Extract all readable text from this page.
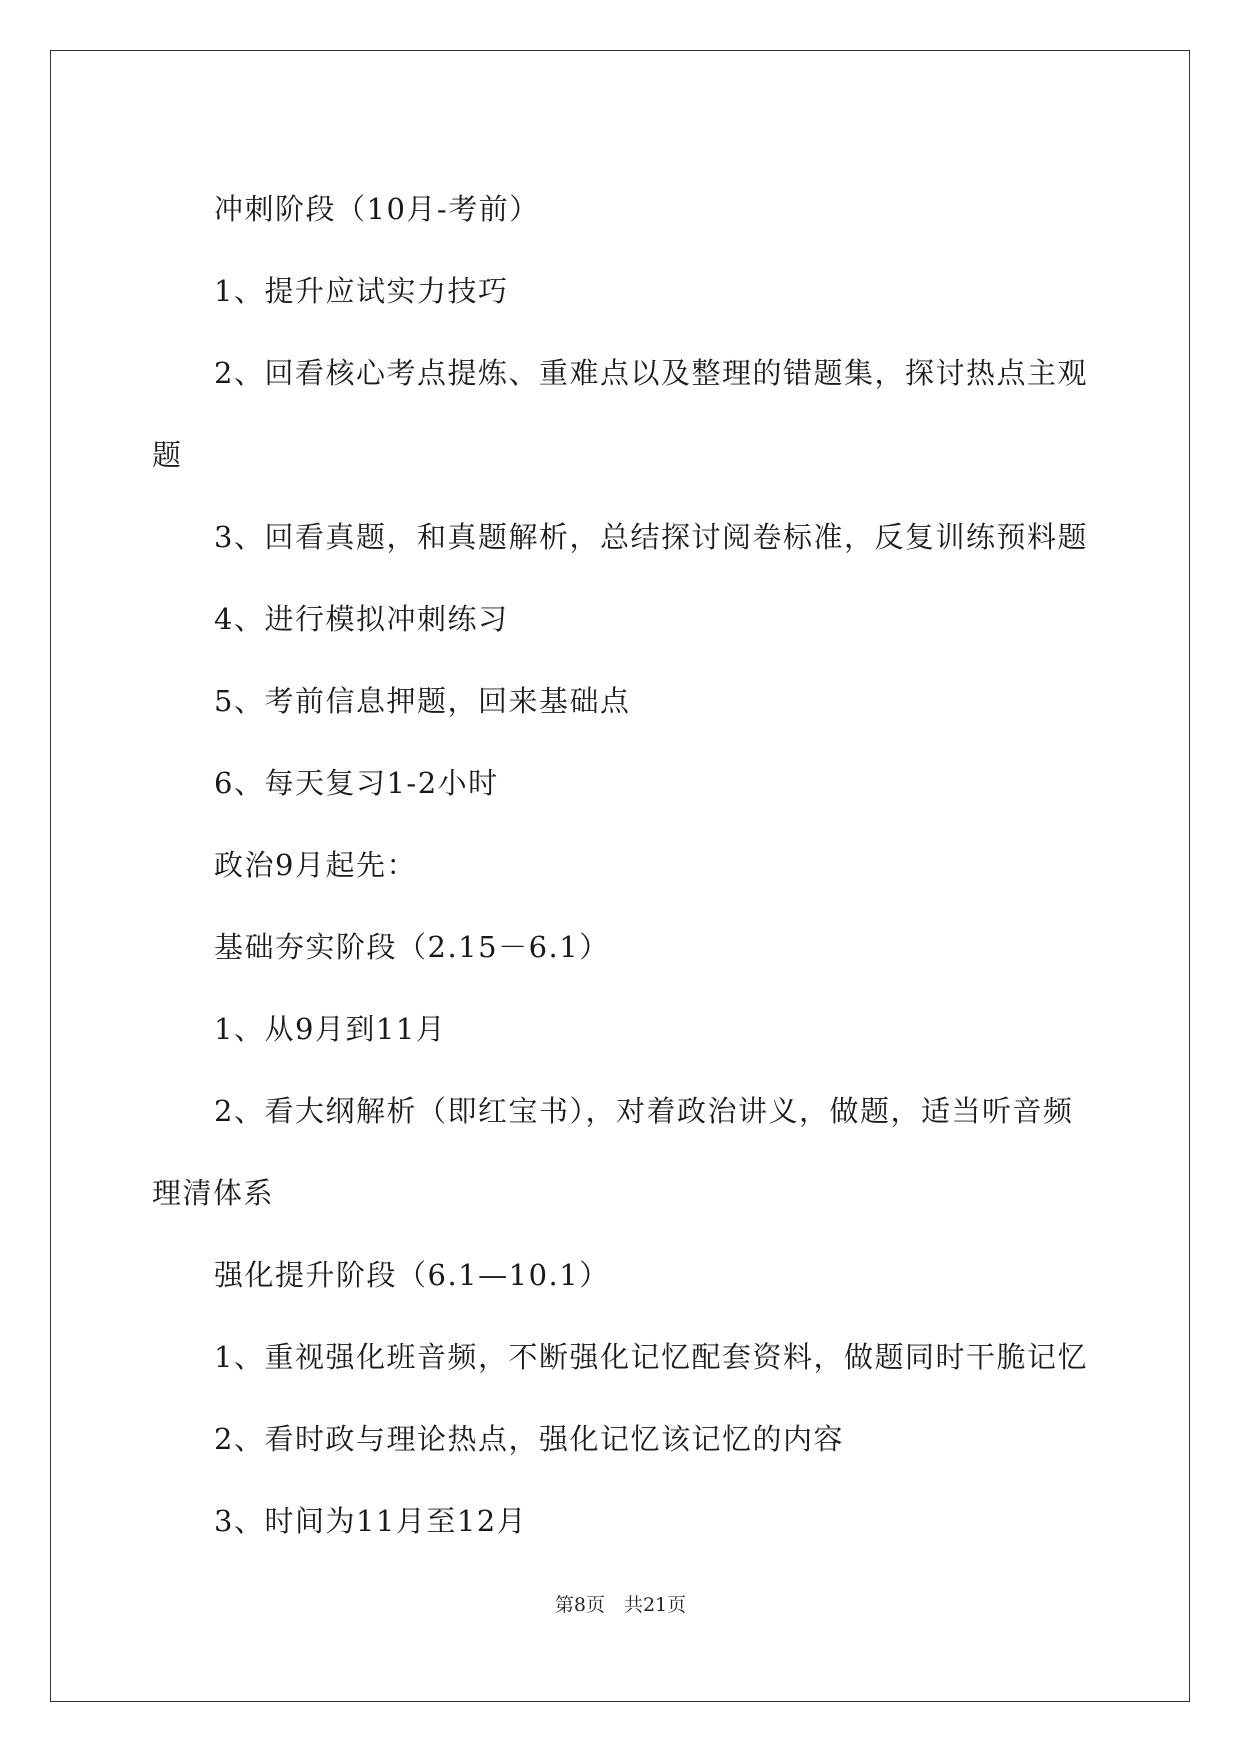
冲刺阶段（10月-考前）

1、提升应试实力技巧

2、回看核心考点提炼、重难点以及整理的错题集，探讨热点主观题

3、回看真题，和真题解析，总结探讨阅卷标准，反复训练预料题

4、进行模拟冲刺练习

5、考前信息押题，回来基础点

6、每天复习1-2小时

政治9月起先：

基础夯实阶段（2.15－6.1）

1、从9月到11月

2、看大纲解析（即红宝书），对着政治讲义，做题，适当听音频理清体系

强化提升阶段（6.1—10.1）

1、重视强化班音频，不断强化记忆配套资料，做题同时干脆记忆

2、看时政与理论热点，强化记忆该记忆的内容

3、时间为11月至12月

第8页　共21页
